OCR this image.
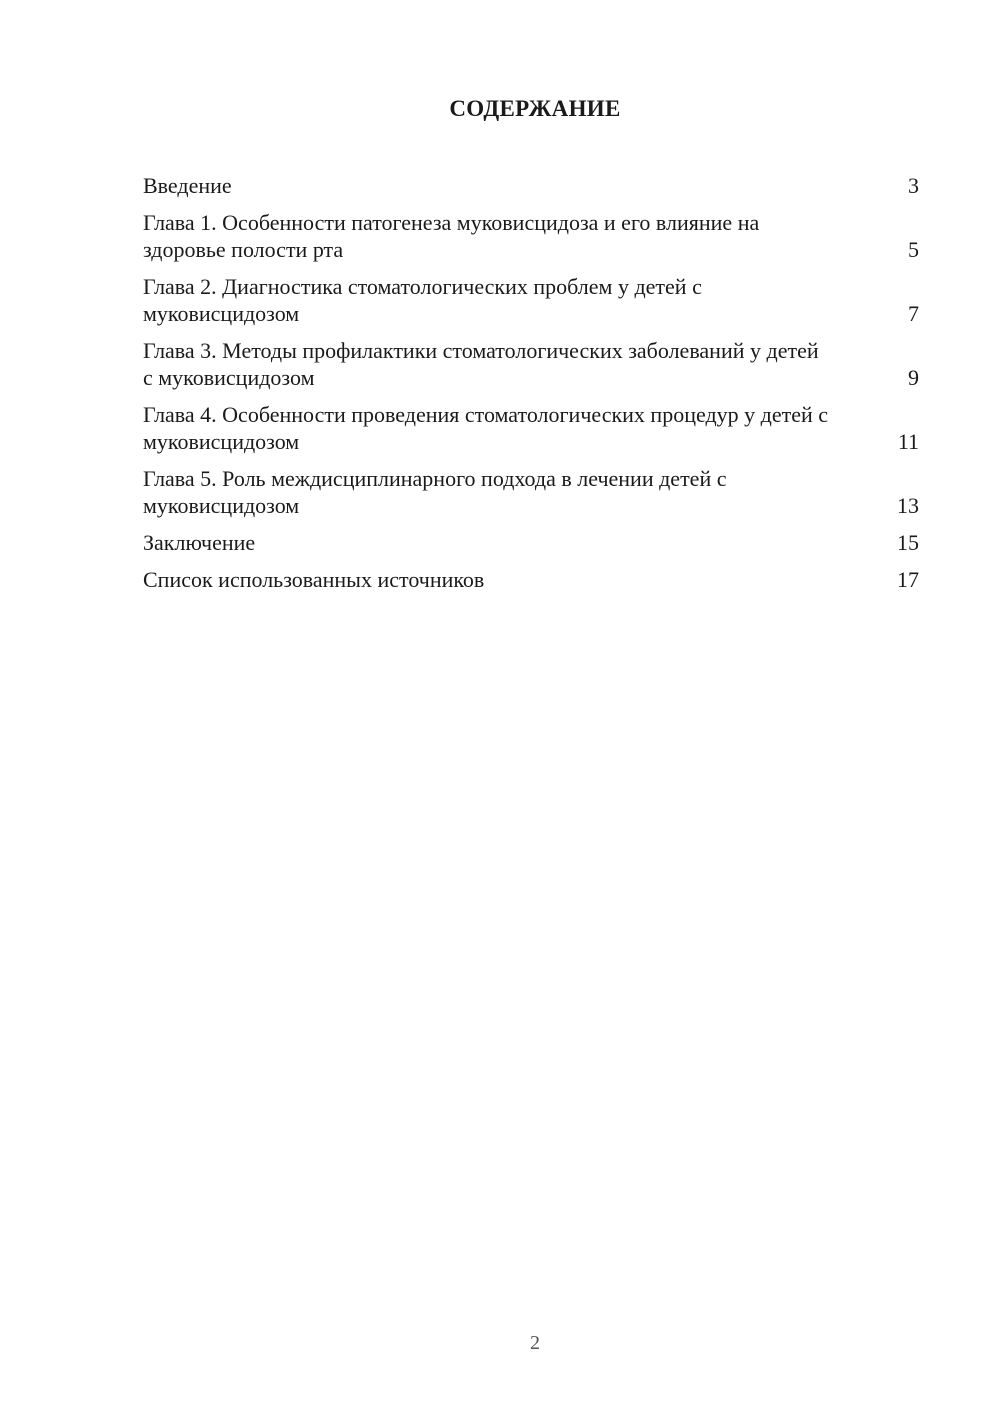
СОДЕРЖАНИЕ
Введение	3
Глава 1. Особенности патогенеза муковисцидоза и его влияние на здоровье полости рта	5
Глава 2. Диагностика стоматологических проблем у детей с муковисцидозом	7
Глава 3. Методы профилактики стоматологических заболеваний у детей с муковисцидозом	9
Глава 4. Особенности проведения стоматологических процедур у детей с муковисцидозом	11
Глава 5. Роль междисциплинарного подхода в лечении детей с муковисцидозом	13
Заключение	15
Список использованных источников	17
2
